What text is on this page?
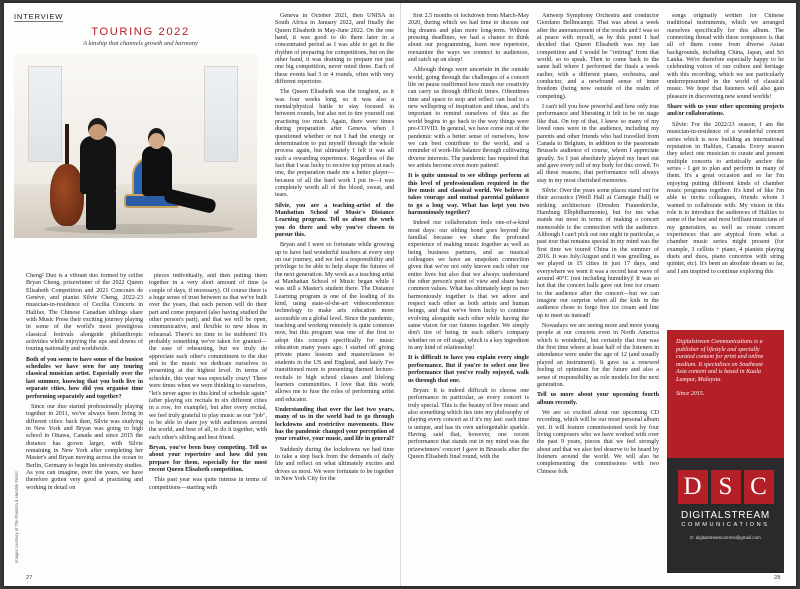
INTERVIEW
TOURING 2022
A kinship that channels growth and harmony
Images courtesy of The Pianista & Hendrik Frérot

Cheng² Duo is a vibrant duo formed by cellist Bryan Cheng, prizewinner of the 2022 Queen Elisabeth Competition and 2021 Concours de Genève, and pianist Silvie Cheng, 2022-23 musician-in-residence of Cecilia Concerts in Halifax. The Chinese Canadian siblings share with Music Press their exciting journey playing in some of the world's most prestigious classical festivals alongside philanthropic activities while enjoying the ups and downs of touring nationally and worldwide.

Both of you seem to have some of the busiest schedules we have seen for any touring classical musician artist. Especially over the last summer, knowing that you both live in separate cities, how did you organise time performing separately and together?

Since our duo started professionally playing together in 2011, we've always been living in different cities: back then, Silvie was studying in New York and Bryan was going to high school in Ottawa, Canada and since 2015 the distance has grown larger, with Silvie remaining in New York after completing her Master's and Bryan moving across the ocean to Berlin, Germany to begin his university studies. As you can imagine, over the years, we have therefore gotten very good at practising and working in detail on

pieces individually, and then putting them together in a very short amount of time (a couple of days, if necessary). Of course there is a huge sense of trust between us that we've built over the years, that each person will do their part and come prepared (also having studied the other person's part), and that we will be open, communicative, and flexible to new ideas in rehearsal. There's no time to be stubborn! It's probably something we've taken for granted—the ease of rehearsing, but we truly do appreciate each other's commitment to the duo and to the music we dedicate ourselves to presenting at the highest level. In terms of schedule, this year was especially crazy! There were times when we were thinking to ourselves, "let's never agree to this kind of schedule again" (after playing six recitals in six different cities in a row, for example), but after every recital, we feel truly grateful to play music as our "job", to be able to share joy with audiences around the world, and best of all, to do it together, with each other's sibling and best friend.

Bryan, you've been busy competing. Tell us about your repertoire and how did you prepare for them, especially for the most recent Queen Elisabeth competition.

This past year was quite intense in terms of competitions—starting with

Geneva in October 2021, then UNISA in South Africa in January 2022, and finally the Queen Elisabeth in May-June 2022. On the one hand, it was good to do them later in a concentrated period as I was able to get in the rhythm of preparing for competitions, but on the other hand, it was draining to prepare not just one big competition, never mind three. Each of these events had 3 or 4 rounds, often with very different repertoire.

The Queen Elisabeth was the toughest, as it was four weeks long, so it was also a mental/physical battle to stay focused in between rounds, but also not to tire yourself out practising too much. Again, there were times during preparation after Geneva when I questioned whether or not I had the energy or determination to put myself through the whole process again, but ultimately I felt it was all such a rewarding experience. Regardless of the fact that I was lucky to receive top prizes at each one, the preparation made me a better player—because of all the hard work I put in—I was completely worth all of the blood, sweat, and tears.

Silvie, you are a teaching-artist of the Manhattan School of Music's Distance Learning program. Tell us about the work you do there and why you've chosen to pursue this.

Bryan and I were so fortunate while growing up to have had wonderful teachers at every step on our journey, and we feel a responsibility and privilege to be able to help shape the futures of the next generation. My work as a teaching artist at Manhattan School of Music began while I was still a Master's student there. The Distance Learning program is one of the leading of its kind, using state-of-the-art videoconference technology to make arts education more accessible on a global level. Since the pandemic, teaching and working remotely is quite common now, but this program was one of the first to adopt this concept specifically for music education many years ago. I started off giving private piano lessons and masterclasses to students in the US and England, and lately I've transitioned more to presenting themed lecture-recitals to high school classes and lifelong learners communities. I love that this work allows me to fuse the roles of performing artist and educator.

Understanding that over the last two years, many of us in the world had to go through lockdowns and restrictive movements. How has the pandemic changed your perception of your creative, your music, and life in general?

Suddenly during the lockdowns we had time to take a step back from the demands of daily life and reflect on what ultimately excites and drives us most. We were fortunate to be together in New York City for the

27

first 2.5 months of lockdown from March-May 2020, during which we had time to discuss our big dreams and plan more long-term. Without pressing deadlines, we had a chance to think about our programming, learn new repertoire, reexamine the ways we connect to audiences, and catch up on sleep!

Although things were uncertain in the outside world, going through the challenges of a concert life on pause reaffirmed how much our creativity can carry us through difficult times. Oftentimes time and space to stop and reflect can lead to a new wellspring of inspiration and ideas, and it's important to remind ourselves of this as the world begins to go back to the way things were pre-COVID. In general, we have come out of the pandemic with a better sense of ourselves, how we can best contribute to the world, and a reminder of work-life balance through cultivating diverse interests. The pandemic has required that we artists become even more patient!

It is quite unusual to see siblings perform at this level of professionalism required in the live music and classical world. We believe it takes courage and mutual parental guidance to go a long way. What has kept you two harmoniously together?

Indeed our collaboration feels one-of-a-kind most days: our sibling bond goes beyond the familial because we share the profound experience of making music together as well as being business partners, and as musical colleagues we have an unspoken connection given that we've not only known each other our entire lives but also that we always understand the other person's point of view and share basic common values. What has ultimately kept us two harmoniously together is that we adore and respect each other as both artists and human beings, and that we've been lucky to continue evolving alongside each other while having the same vision for our futures together. We simply don't tire of being in each other's company whether on or off stage, which is a key ingredient in any kind of relationship!

It is difficult to have you explain every single performance. But if you're to select one live performance that you've really enjoyed, walk us through that one.

Bryan: It is indeed difficult to choose one performance in particular, as every concert is truly special. This is the beauty of live music and also something which ties into my philosophy of playing every concert as if it's my last: each time is unique, and has its own unforgettable sparkle. Having said that, however, one recent performance that stands out in my mind was the prizewinners' concert I gave in Brussels after the Queen Elisabeth final round, with the

Antwerp Symphony Orchestra and conductor Giordano Bellincampi. That was about a week after the announcement of the results and I was so at peace with myself, as by this point I had decided that Queen Elisabeth was my last competition and I would be "retiring" from that world, so to speak. Then to come back to the same hall where I performed the finals a week earlier, with a different piano, orchestra, and conductor, and a newfound sense of inner freedom (being now outside of the realm of competing).

I can't tell you how powerful and how only true performance and liberating it felt to be on stage like that. On top of that, I knew so many of my loved ones were in the audience, including my parents and other friends who had travelled from Canada to Belgium, in addition to the passionate Brussels audience of course, whom I appreciate greatly. So I just absolutely played my heart out and gave every cell of my body for this crowd. To all these reasons, that performance will always stay in my most cherished memories.

Silvie: Over the years some places stand out for their acoustics (Weill Hall at Carnegie Hall) or striking architecture (Dresden Frauenkirche, Hamburg Elbphilharmonie), but for me what stands out most in terms of making a concert memorable is the connection with the audience. Although I can't pick out one night in particular, a past tour that remains special in my mind was the first time we toured China in the summer of 2016. It was July/August and it was gruelling, as we played in 15 cities in just 17 days, and everywhere we went it was a record heat wave of around 40°C (not including humidity)! It was so hot that the concert halls gave out free ice cream to the audience after the concert—but we can imagine our surprise when all the kids in the audience chose to forgo free ice cream and line up to meet us instead!

Nowadays we are seeing more and more young people at our concerts even in North America which is wonderful, but certainly that tour was the first time where at least half of the listeners in attendance were under the age of 12 (and usually played an instrument). It gave us a renewed feeling of optimism for the future and also a sense of responsibility as role models for the next generation.

Tell us more about your upcoming fourth album recently.

We are so excited about our upcoming CD recording, which will be our most personal album yet. It will feature commissioned work by four living composers who we have worked with over the past 9 years, pieces that we feel strongly about and that we also feel deserve to be heard by listeners around the world. We will also be complementing the commissions with two Chinese folk

songs originally written for Chinese traditional instruments, which we arranged ourselves specifically for this album. The connecting thread with these composers is that all of them come from diverse Asian backgrounds, including China, Japan, and Sri Lanka. We're therefore especially happy to be celebrating voices of our culture and heritage with this recording, which we see particularly underrepresented in the world of classical music. We hope that listeners will also gain pleasure in discovering new sound worlds!

Share with us your other upcoming projects and/or collaborations.

Silvie: For the 2022/23 season, I am the musician-in-residence of a wonderful concert series which is now building an international reputation in Halifax, Canada. Every season they select one musician to curate and present multiple concerts to artistically anchor the series - I get to plan and perform in many of them. It's a great occasion and so far I'm enjoying putting different kinds of chamber music programs together. It's kind of like I'm able to invite colleagues, friends whom I wanted to collaborate with. My vision in this role is to introduce the audiences of Halifax to some of the best and most brilliant musicians of my generation, as well as create concert experiences that are atypical from what a chamber music series might present (for example, 3 cellists + piano, 4 pianists playing duets and duos, piano concertos with string quintet, etc). It's been an absolute dream so far, and I am inspired to continue exploring this

Digitalstream Communications is a publisher of lifestyle and specially curated content for print and online medium. It specialises on Southeast Asia content and is based in Kuala Lumpur, Malaysia.

Since 2015.

D S C
DIGITALSTREAM
COMMUNICATIONS
E: digitalstreamcomms@gmail.com
28
